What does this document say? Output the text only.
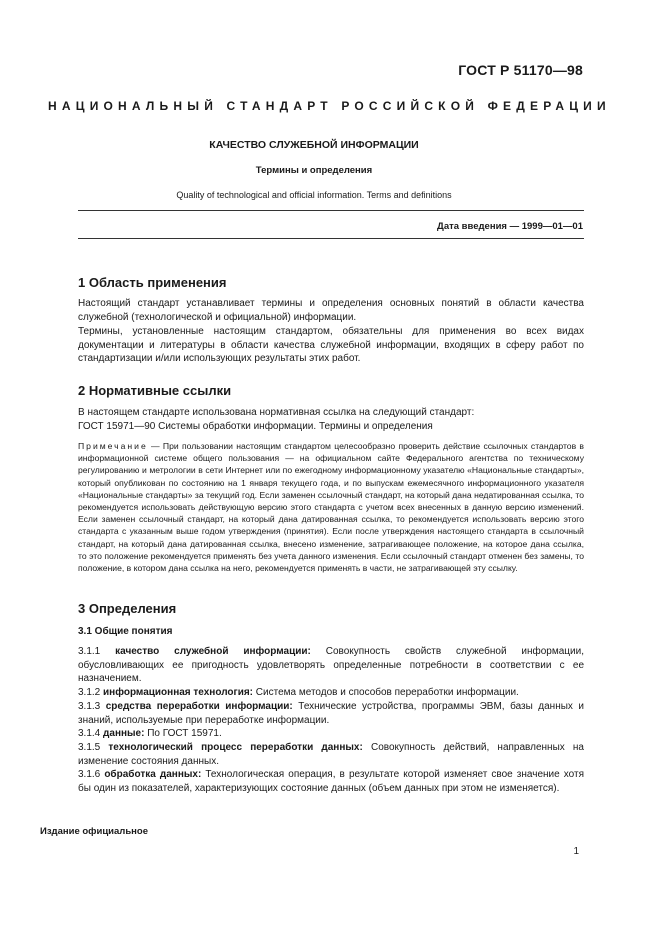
ГОСТ Р 51170—98
НАЦИОНАЛЬНЫЙ СТАНДАРТ РОССИЙСКОЙ ФЕДЕРАЦИИ
КАЧЕСТВО СЛУЖЕБНОЙ ИНФОРМАЦИИ
Термины и определения
Quality of technological and official information. Terms and definitions
Дата введения — 1999—01—01
1 Область применения
Настоящий стандарт устанавливает термины и определения основных понятий в области качества служебной (технологической и официальной) информации.
Термины, установленные настоящим стандартом, обязательны для применения во всех видах документации и литературы в области качества служебной информации, входящих в сферу работ по стандартизации и/или использующих результаты этих работ.
2 Нормативные ссылки
В настоящем стандарте использована нормативная ссылка на следующий стандарт:
ГОСТ 15971—90 Системы обработки информации. Термины и определения
Примечание — При пользовании настоящим стандартом целесообразно проверить действие ссылочных стандартов в информационной системе общего пользования — на официальном сайте Федерального агентства по техническому регулированию и метрологии в сети Интернет или по ежегодному информационному указателю «Национальные стандарты», который опубликован по состоянию на 1 января текущего года, и по выпускам ежемесячного информационного указателя «Национальные стандарты» за текущий год. Если заменен ссылочный стандарт, на который дана недатированная ссылка, то рекомендуется использовать действующую версию этого стандарта с учетом всех внесенных в данную версию изменений. Если заменен ссылочный стандарт, на который дана датированная ссылка, то рекомендуется использовать версию этого стандарта с указанным выше годом утверждения (принятия). Если после утверждения настоящего стандарта в ссылочный стандарт, на который дана датированная ссылка, внесено изменение, затрагивающее положение, на которое дана ссылка, то это положение рекомендуется применять без учета данного изменения. Если ссылочный стандарт отменен без замены, то положение, в котором дана ссылка на него, рекомендуется применять в части, не затрагивающей эту ссылку.
3 Определения
3.1 Общие понятия
3.1.1 качество служебной информации: Совокупность свойств служебной информации, обусловливающих ее пригодность удовлетворять определенные потребности в соответствии с ее назначением.
3.1.2 информационная технология: Система методов и способов переработки информации.
3.1.3 средства переработки информации: Технические устройства, программы ЭВМ, базы данных и знаний, используемые при переработке информации.
3.1.4 данные: По ГОСТ 15971.
3.1.5 технологический процесс переработки данных: Совокупность действий, направленных на изменение состояния данных.
3.1.6 обработка данных: Технологическая операция, в результате которой изменяет свое значение хотя бы один из показателей, характеризующих состояние данных (объем данных при этом не изменяется).
Издание официальное
1
